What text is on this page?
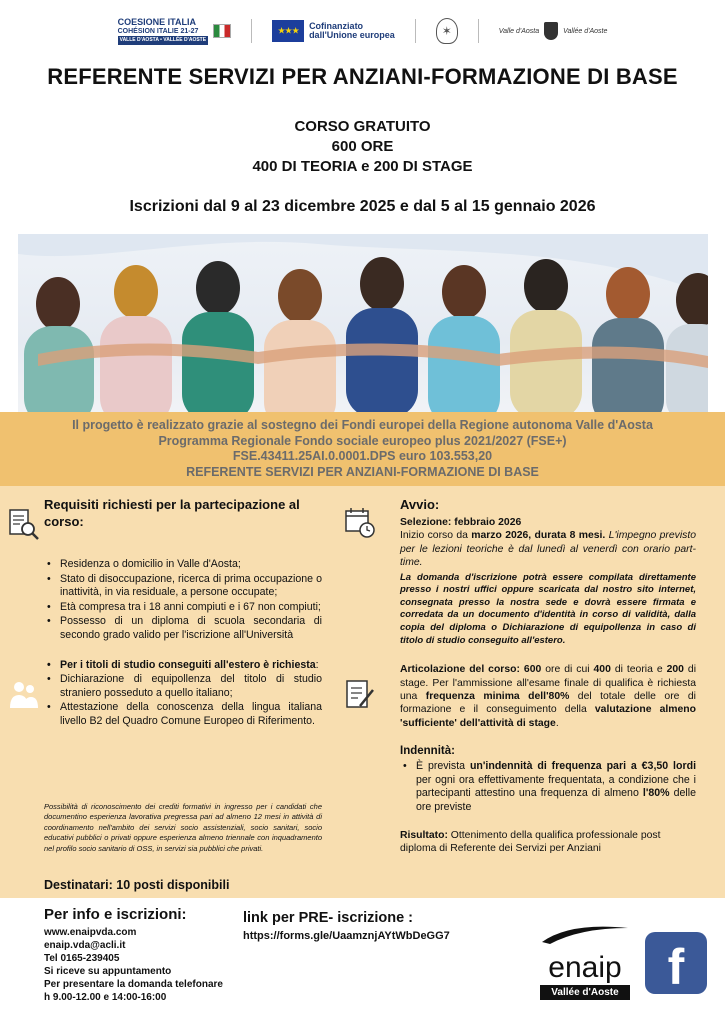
COESIONE ITALIA
COHÉSION ITALIE 21-27
VALLE D'AOSTA • VALLÉE D'AOSTE
★★★ Cofinanziato
dall'Unione europea	✶	Valle d'Aosta	Vallée d'Aoste
REFERENTE SERVIZI PER ANZIANI-FORMAZIONE DI BASE
CORSO GRATUITO
600 ORE
400 DI TEORIA e 200 DI STAGE
Iscrizioni dal 9 al 23 dicembre 2025 e dal 5 al 15 gennaio 2026

Il progetto è realizzato grazie al sostegno dei Fondi europei della Regione autonoma Valle d'Aosta

Programma Regionale Fondo sociale europeo plus 2021/2027 (FSE+)

FSE.43411.25AI.0.0001.DPS euro 103.553,20

REFERENTE SERVIZI PER ANZIANI-FORMAZIONE DI BASE

Requisiti richiesti per la partecipazione al corso:
• Residenza o domicilio in Valle d'Aosta;
• Stato di disoccupazione, ricerca di prima occupazione o inattività, in via residuale, a persone occupate;
• Età compresa tra i 18 anni compiuti e i 67 non compiuti;
• Possesso di un diploma di scuola secondaria di secondo grado valido per l'iscrizione all'Università
• Per i titoli di studio conseguiti all'estero è richiesta:
• Dichiarazione di equipollenza del titolo di studio straniero posseduto a quello italiano;
• Attestazione della conoscenza della lingua italiana livello B2 del Quadro Comune Europeo di Riferimento.
Possibilità di riconoscimento dei crediti formativi in ingresso per i candidati che documentino esperienza lavorativa pregressa pari ad almeno 12 mesi in attività di coordinamento nell'ambito dei servizi socio assistenziali, socio sanitari, socio educativi pubblici o privati oppure esperienza almeno triennale con inquadramento nel profilo socio sanitario di OSS, in servizi sia pubblici che privati.
Destinatari: 10 posti disponibili
Avvio:
Selezione: febbraio 2026
Inizio corso da marzo 2026, durata 8 mesi. L'impegno previsto per le lezioni teoriche è dal lunedì al venerdì con orario part-time.
La domanda d'iscrizione potrà essere compilata direttamente presso i nostri uffici oppure scaricata dal nostro sito internet, consegnata presso la nostra sede e dovrà essere firmata e corredata da un documento d'identità in corso di validità, dalla copia del diploma o Dichiarazione di equipollenza in caso di titolo di studio conseguito all'estero.
Articolazione del corso: 600 ore di cui 400 di teoria e 200 di stage. Per l'ammissione all'esame finale di qualifica è richiesta una frequenza minima dell'80% del totale delle ore di formazione e il conseguimento della valutazione almeno 'sufficiente' dell'attività di stage.
Indennità:
• È prevista un'indennità di frequenza pari a €3,50 lordi per ogni ora effettivamente frequentata, a condizione che i partecipanti attestino una frequenza di almeno l'80% delle ore previste
Risultato: Ottenimento della qualifica professionale post diploma di Referente dei Servizi per Anziani
Per info e iscrizioni:
www.enaipvda.com
enaip.vda@acli.it
Tel 0165-239405
Si riceve su appuntamento
Per presentare la domanda telefonare
h 9.00-12.00 e 14:00-16:00
link per PRE- iscrizione :
https://forms.gle/UaamznjAYtWbDeGG7
enaip
Vallée d'Aoste f
